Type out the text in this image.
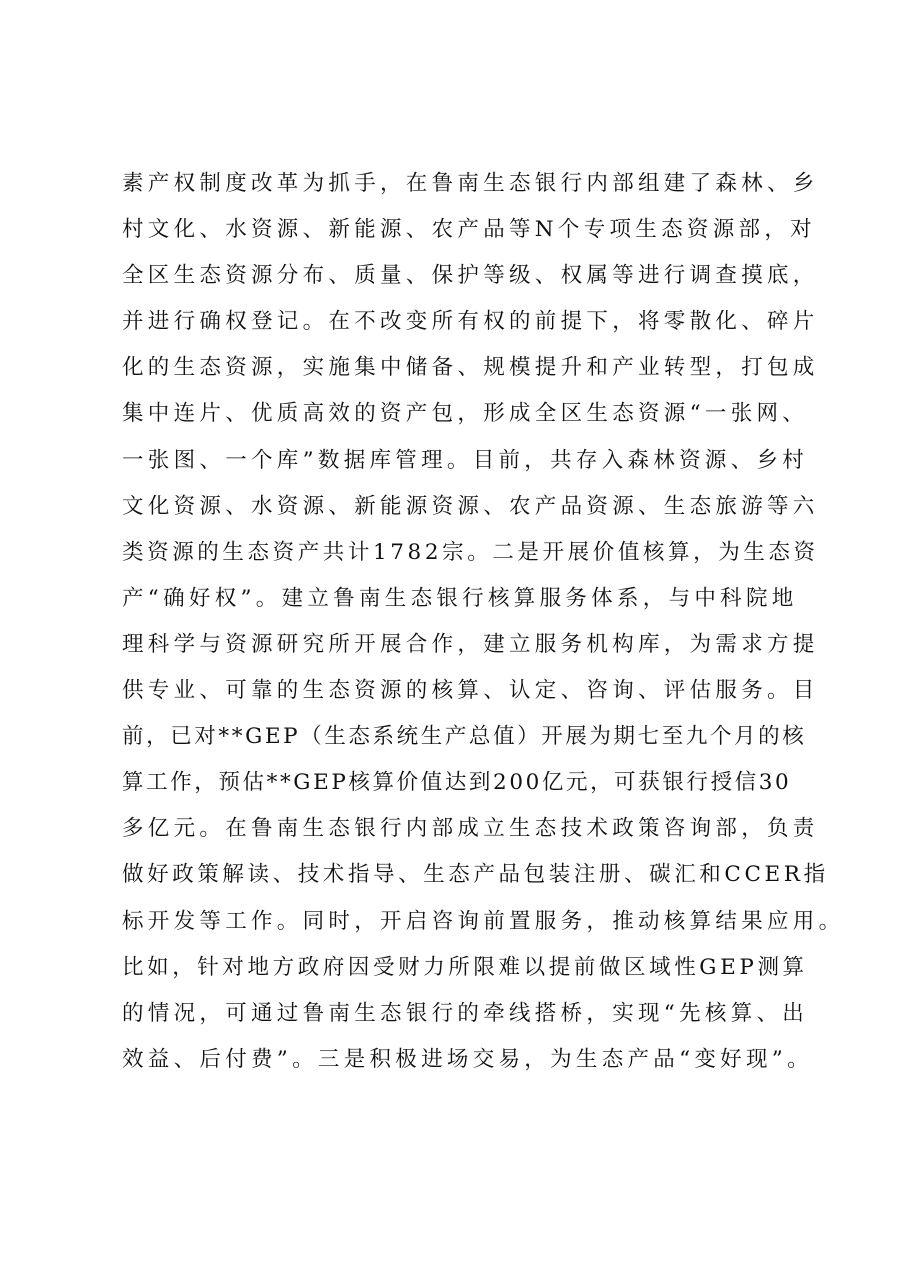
素产权制度改革为抓手，在鲁南生态银行内部组建了森林、乡
村文化、水资源、新能源、农产品等N个专项生态资源部，对
全区生态资源分布、质量、保护等级、权属等进行调查摸底，
并进行确权登记。在不改变所有权的前提下，将零散化、碎片
化的生态资源，实施集中储备、规模提升和产业转型，打包成
集中连片、优质高效的资产包，形成全区生态资源“一张网、
一张图、一个库”数据库管理。目前，共存入森林资源、乡村
文化资源、水资源、新能源资源、农产品资源、生态旅游等六
类资源的生态资产共计1782宗。二是开展价值核算，为生态资
产“确好权”。建立鲁南生态银行核算服务体系，与中科院地
理科学与资源研究所开展合作，建立服务机构库，为需求方提
供专业、可靠的生态资源的核算、认定、咨询、评估服务。目
前，已对**GEP（生态系统生产总值）开展为期七至九个月的核
算工作，预估**GEP核算价值达到200亿元，可获银行授信30
多亿元。在鲁南生态银行内部成立生态技术政策咨询部，负责
做好政策解读、技术指导、生态产品包装注册、碳汇和CCER指
标开发等工作。同时，开启咨询前置服务，推动核算结果应用。
比如，针对地方政府因受财力所限难以提前做区域性GEP测算
的情况，可通过鲁南生态银行的牵线搭桥，实现“先核算、出
效益、后付费”。三是积极进场交易，为生态产品“变好现”。
